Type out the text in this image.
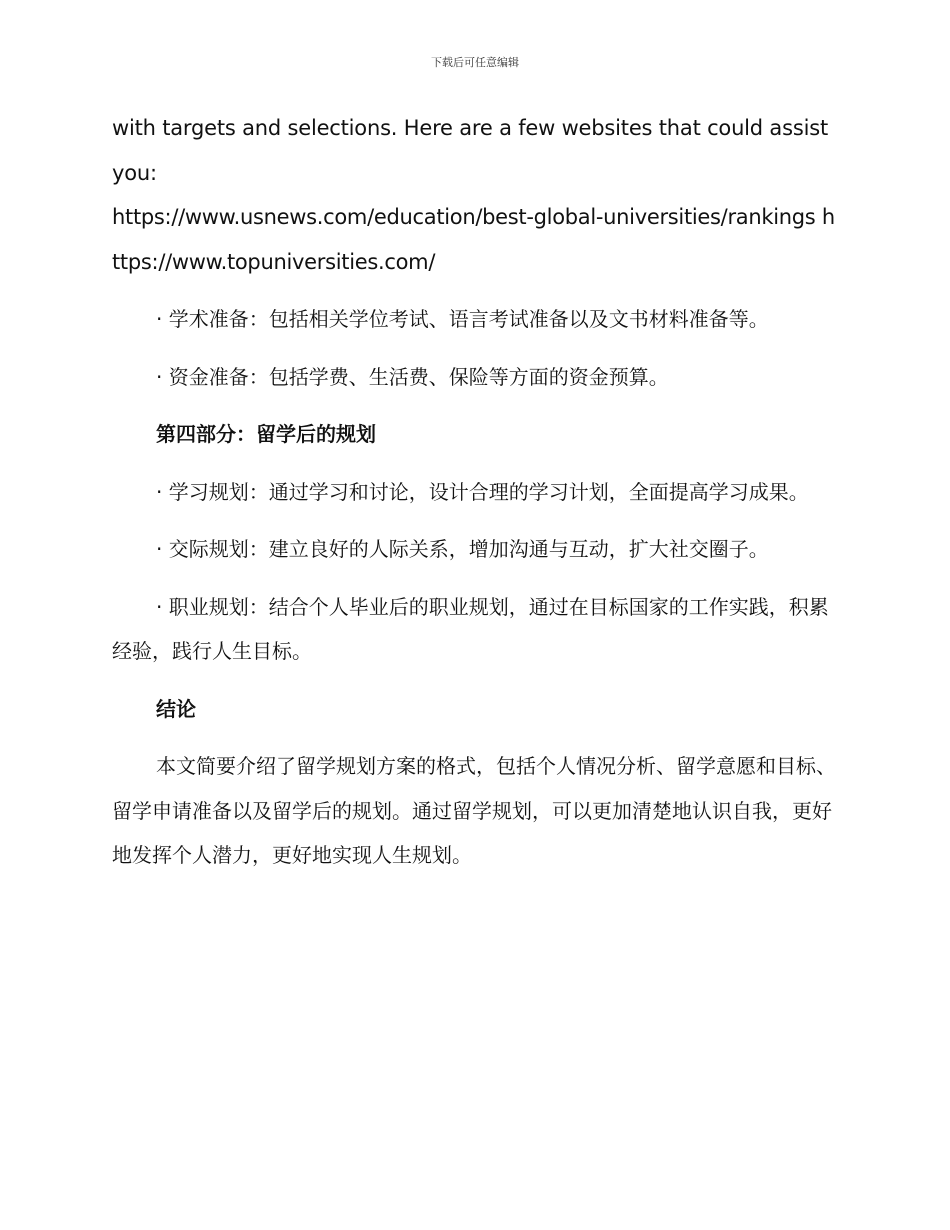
下载后可任意编辑

with targets and selections. Here are a few websites that could assist you:

https://www.usnews.com/education/best-global-universities/rankings https://www.topuniversities.com/

· 学术准备：包括相关学位考试、语言考试准备以及文书材料准备等。

· 资金准备：包括学费、生活费、保险等方面的资金预算。

第四部分：留学后的规划

· 学习规划：通过学习和讨论，设计合理的学习计划，全面提高学习成果。

· 交际规划：建立良好的人际关系，增加沟通与互动，扩大社交圈子。

· 职业规划：结合个人毕业后的职业规划，通过在目标国家的工作实践，积累经验，践行人生目标。

结论

本文简要介绍了留学规划方案的格式，包括个人情况分析、留学意愿和目标、留学申请准备以及留学后的规划。通过留学规划，可以更加清楚地认识自我，更好地发挥个人潜力，更好地实现人生规划。
